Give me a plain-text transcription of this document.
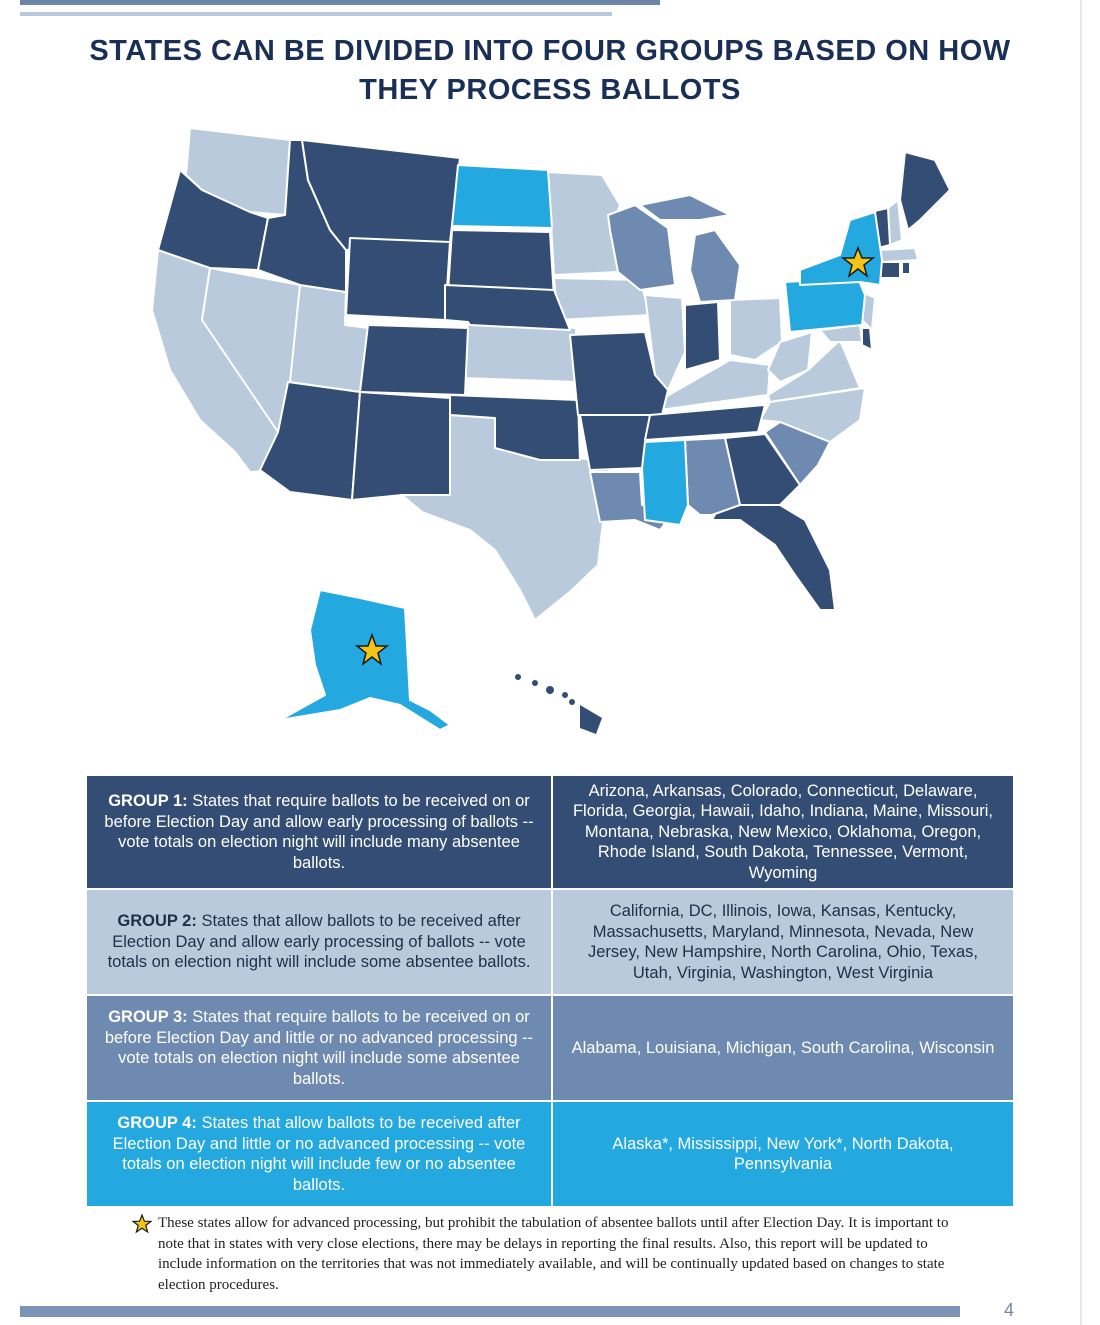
STATES CAN BE DIVIDED INTO FOUR GROUPS BASED ON HOW THEY PROCESS BALLOTS
GROUP 1: States that require ballots to be received on or before Election Day and allow early processing of ballots -- vote totals on election night will include many absentee ballots.	Arizona, Arkansas, Colorado, Connecticut, Delaware, Florida, Georgia, Hawaii, Idaho, Indiana, Maine, Missouri, Montana, Nebraska, New Mexico, Oklahoma, Oregon, Rhode Island, South Dakota, Tennessee, Vermont, Wyoming
GROUP 2: States that allow ballots to be received after Election Day and allow early processing of ballots -- vote totals on election night will include some absentee ballots.	California, DC, Illinois, Iowa, Kansas, Kentucky, Massachusetts, Maryland, Minnesota, Nevada, New Jersey, New Hampshire, North Carolina, Ohio, Texas, Utah, Virginia, Washington, West Virginia
GROUP 3: States that require ballots to be received on or before Election Day and little or no advanced processing -- vote totals on election night will include some absentee ballots.	Alabama, Louisiana, Michigan, South Carolina, Wisconsin
GROUP 4: States that allow ballots to be received after Election Day and little or no advanced processing -- vote totals on election night will include few or no absentee ballots.	Alaska*, Mississippi, New York*, North Dakota, Pennsylvania
These states allow for advanced processing, but prohibit the tabulation of absentee ballots until after Election Day. It is important to note that in states with very close elections, there may be delays in reporting the final results. Also, this report will be updated to include information on the territories that was not immediately available, and will be continually updated based on changes to state election procedures.
4
